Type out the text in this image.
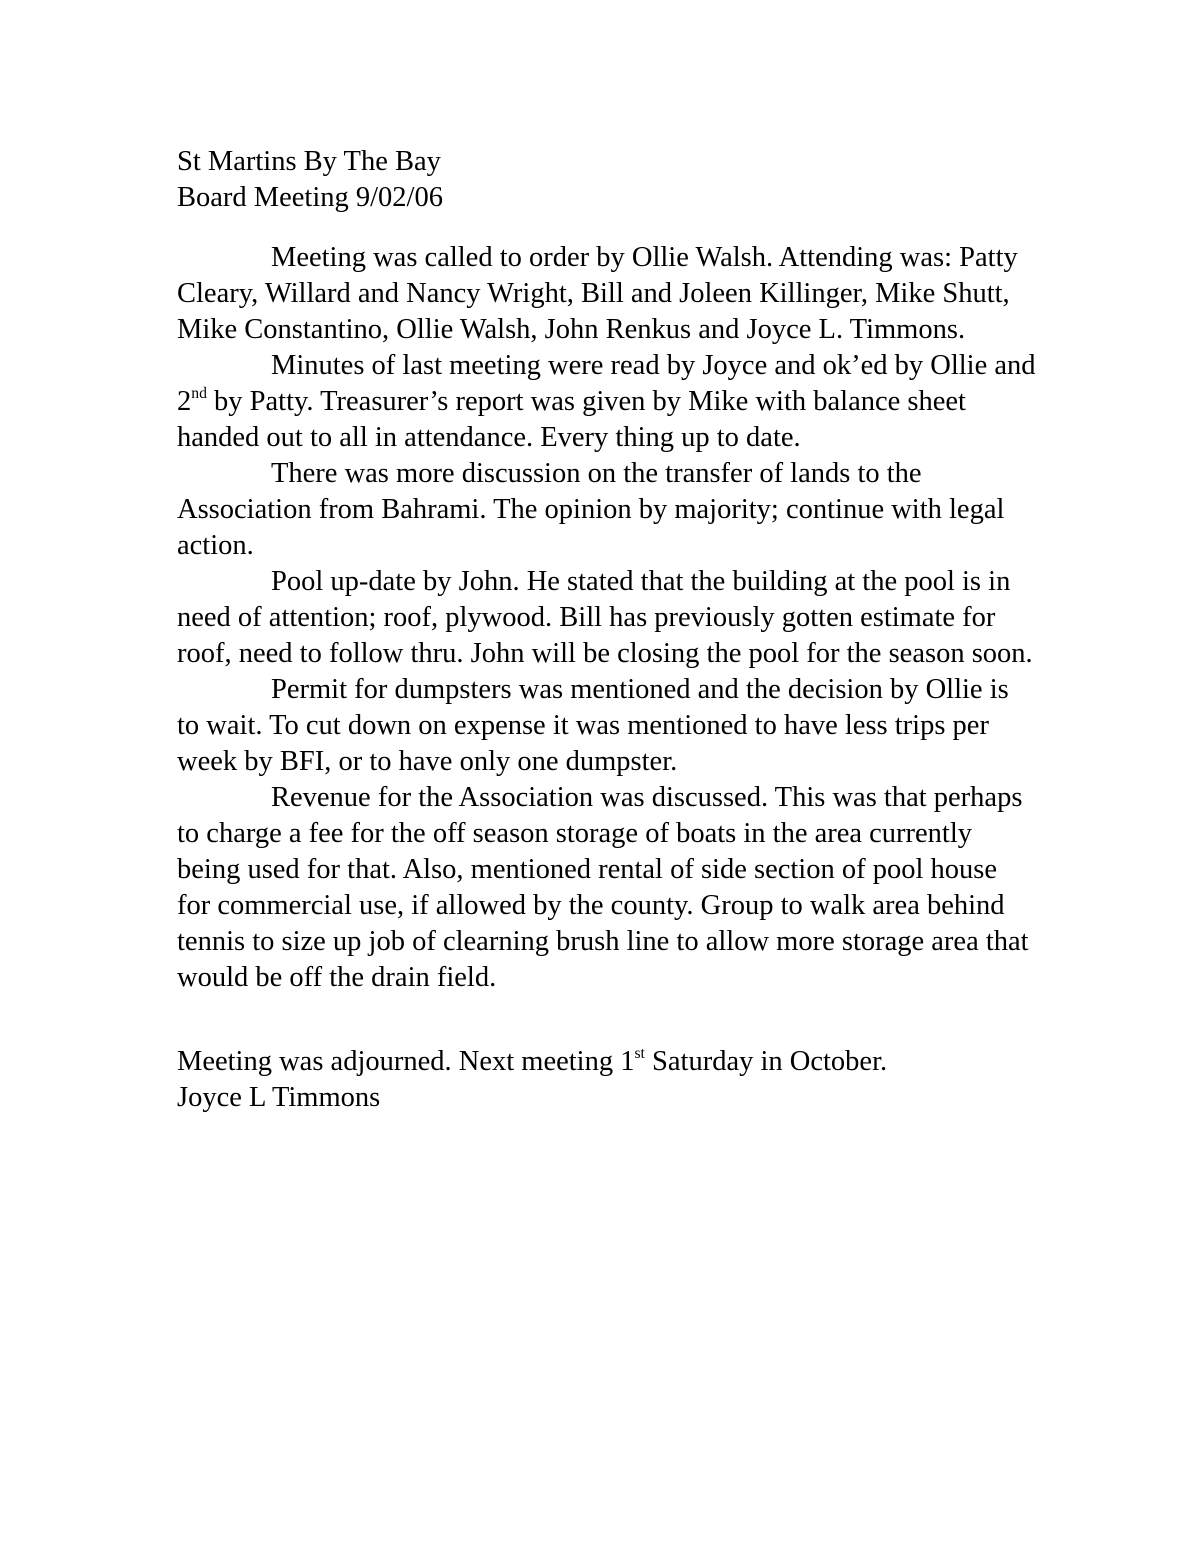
St Martins By The Bay
Board Meeting 9/02/06

Meeting was called to order by Ollie Walsh. Attending was: Patty Cleary, Willard and Nancy Wright, Bill and Joleen Killinger, Mike Shutt, Mike Constantino, Ollie Walsh, John Renkus and Joyce L. Timmons.

Minutes of last meeting were read by Joyce and ok’ed by Ollie and 2nd by Patty. Treasurer’s report was given by Mike with balance sheet handed out to all in attendance. Every thing up to date.

There was more discussion on the transfer of lands to the Association from Bahrami. The opinion by majority; continue with legal action.

Pool up-date by John. He stated that the building at the pool is in need of attention; roof, plywood. Bill has previously gotten estimate for roof, need to follow thru. John will be closing the pool for the season soon.

Permit for dumpsters was mentioned and the decision by Ollie is to wait. To cut down on expense it was mentioned to have less trips per week by BFI, or to have only one dumpster.

Revenue for the Association was discussed. This was that perhaps to charge a fee for the off season storage of boats in the area currently being used for that. Also, mentioned rental of side section of pool house for commercial use, if allowed by the county. Group to walk area behind tennis to size up job of clearning brush line to allow more storage area that would be off the drain field.

Meeting was adjourned. Next meeting 1st Saturday in October.
Joyce L Timmons
